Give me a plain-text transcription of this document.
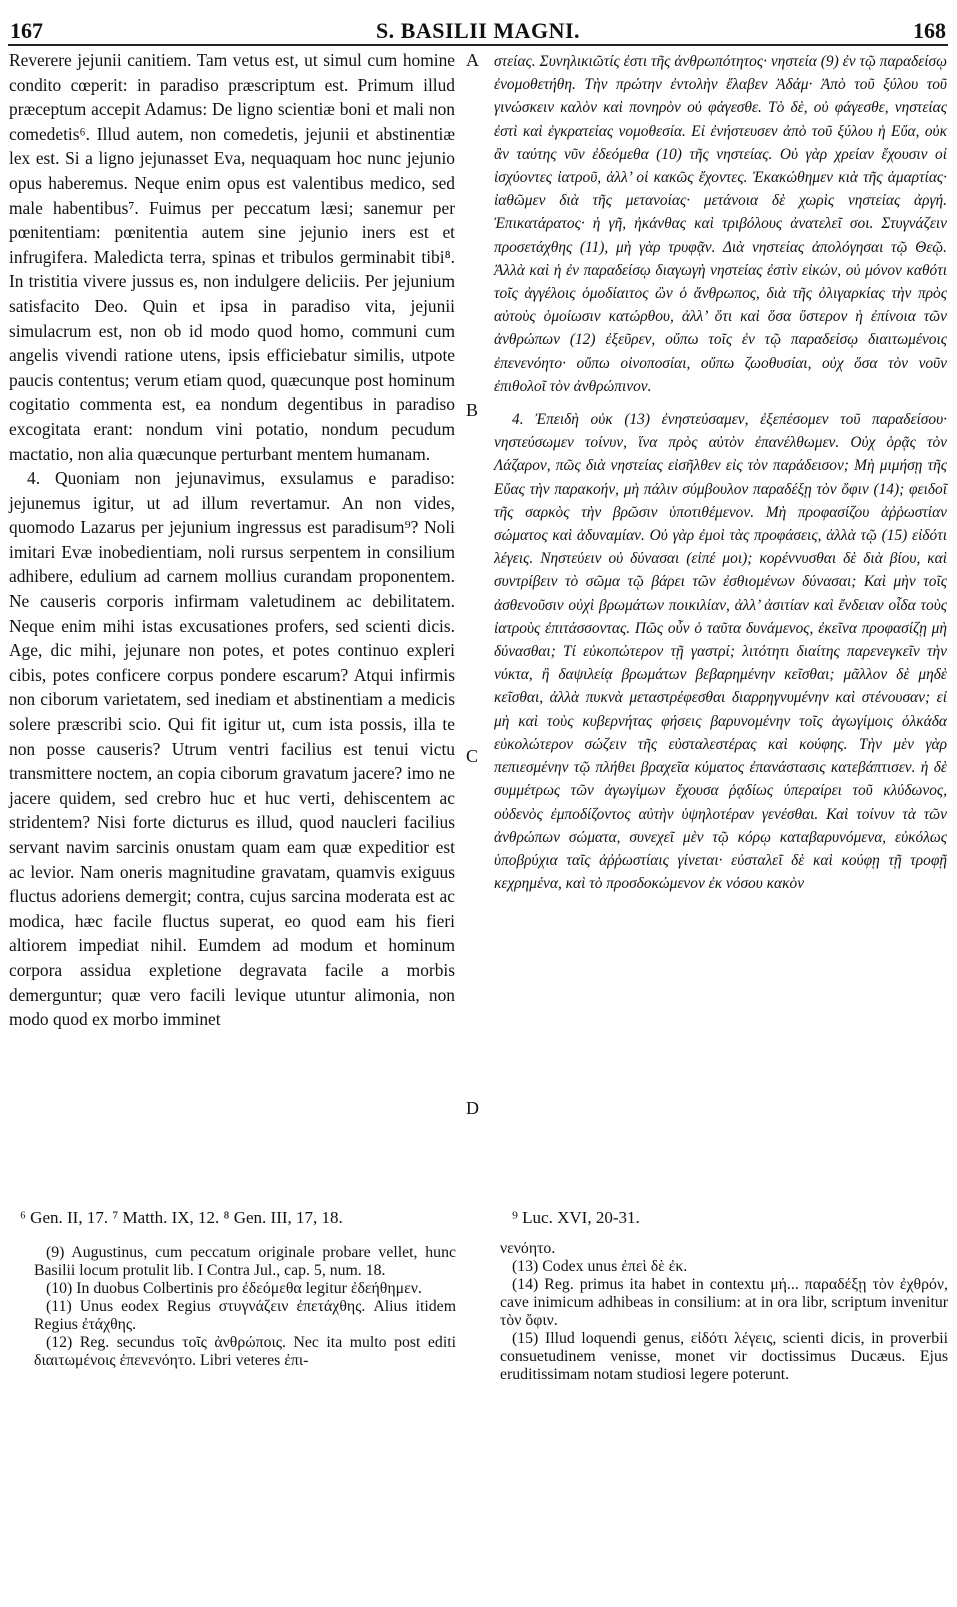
167	S. BASILII MAGNI.	168

Reverere jejunii canitiem. Tam vetus est, ut simul cum homine condito cœperit: in paradiso præscriptum est. Primum illud præceptum accepit Adamus: De ligno scientiæ boni et mali non comedetis⁶. Illud autem, non comedetis, jejunii et abstinentiæ lex est. Si a ligno jejunasset Eva, nequaquam hoc nunc jejunio opus haberemus. Neque enim opus est valentibus medico, sed male habentibus⁷. Fuimus per peccatum læsi; sanemur per pœnitentiam: pœnitentia autem sine jejunio iners est et infrugifera. Maledicta terra, spinas et tribulos germinabit tibi⁸. In tristitia vivere jussus es, non indulgere deliciis. Per jejunium satisfacito Deo. Quin et ipsa in paradiso vita, jejunii simulacrum est, non ob id modo quod homo, communi cum angelis vivendi ratione utens, ipsis efficiebatur similis, utpote paucis contentus; verum etiam quod, quæcunque post hominum cogitatio commenta est, ea nondum degentibus in paradiso excogitata erant: nondum vini potatio, nondum pecudum mactatio, non alia quæcunque perturbant mentem humanam.

4. Quoniam non jejunavimus, exsulamus e paradiso: jejunemus igitur, ut ad illum revertamur. An non vides, quomodo Lazarus per jejunium ingressus est paradisum⁹? Noli imitari Evæ inobedientiam, noli rursus serpentem in consilium adhibere, edulium ad carnem mollius curandam proponentem. Ne causeris corporis infirmam valetudinem ac debilitatem. Neque enim mihi istas excusationes profers, sed scienti dicis. Age, dic mihi, jejunare non potes, et potes continuo expleri cibis, potes conficere corpus pondere escarum? Atqui infirmis non ciborum varietatem, sed inediam et abstinentiam a medicis solere præscribi scio. Qui fit igitur ut, cum ista possis, illa te non posse causeris? Utrum ventri facilius est tenui victu transmittere noctem, an copia ciborum gravatum jacere? imo ne jacere quidem, sed crebro huc et huc verti, dehiscentem ac stridentem? Nisi forte dicturus es illud, quod naucleri facilius servant navim sarcinis onustam quam eam quæ expeditior est ac levior. Nam oneris magnitudine gravatam, quamvis exiguus fluctus adoriens demergit; contra, cujus sarcina moderata est ac modica, hæc facile fluctus superat, eo quod eam his fieri altiorem impediat nihil. Eumdem ad modum et hominum corpora assidua expletione degravata facile a morbis demerguntur; quæ vero facili levique utuntur alimonia, non modo quod ex morbo imminet

A
B
C
D

στείας. Συνηλικιῶτίς ἐστι τῆς ἀνθρωπότητος· νηστεία (9) ἐν τῷ παραδείσῳ ἐνομοθετήθη. Τὴν πρώτην ἐντολὴν ἔλαβεν Ἀδάμ· Ἀπὸ τοῦ ξύλου τοῦ γινώσκειν καλὸν καὶ πονηρὸν οὐ φάγεσθε. Τὸ δὲ, οὐ φάγεσθε, νηστείας ἐστὶ καὶ ἐγκρατείας νομοθεσία. Εἰ ἐνήστευσεν ἀπὸ τοῦ ξύλου ἡ Εὔα, οὐκ ἂν ταύτης νῦν ἐδεόμεθα (10) τῆς νηστείας. Οὐ γὰρ χρείαν ἔχουσιν οἱ ἰσχύοντες ἰατροῦ, ἀλλ’ οἱ κακῶς ἔχοντες. Ἐκακώθημεν κιὰ τῆς ἁμαρτίας· ἰαθῶμεν διὰ τῆς μετανοίας· μετάνοια δὲ χωρὶς νηστείας ἀργή. Ἐπικατάρατος· ἡ γῆ, ἠκάνθας καὶ τριβόλους ἀνατελεῖ σοι. Στυγνάζειν προσετάχθης (11), μὴ γὰρ τρυφᾷν. Διὰ νηστείας ἀπολόγησαι τῷ Θεῷ. Ἀλλὰ καὶ ἡ ἐν παραδείσῳ διαγωγὴ νηστείας ἐστὶν εἰκών, οὐ μόνον καθότι τοῖς ἀγγέλοις ὁμοδίαιτος ὢν ὁ ἄνθρωπος, διὰ τῆς ὀλιγαρκίας τὴν πρὸς αὐτοὺς ὁμοίωσιν κατώρθου, ἀλλ’ ὅτι καὶ ὅσα ὕστερον ἡ ἐπίνοια τῶν ἀνθρώπων (12) ἐξεῦρεν, οὔπω τοῖς ἐν τῷ παραδείσῳ διαιτωμένοις ἐπενενόητο· οὔπω οἰνοποσίαι, οὔπω ζωοθυσίαι, οὐχ ὅσα τὸν νοῦν ἐπιθολοῖ τὸν ἀνθρώπινον.

4. Ἐπειδὴ οὐκ (13) ἐνηστεύσαμεν, ἐξεπέσομεν τοῦ παραδείσου· νηστεύσωμεν τοίνυν, ἵνα πρὸς αὐτὸν ἐπανέλθωμεν. Οὐχ ὁρᾷς τὸν Λάζαρον, πῶς διὰ νηστείας εἰσῆλθεν εἰς τὸν παράδεισον; Μὴ μιμήσῃ τῆς Εὔας τὴν παρακοήν, μὴ πάλιν σύμβουλον παραδέξῃ τὸν ὄφιν (14); φειδοῖ τῆς σαρκὸς τὴν βρῶσιν ὑποτιθέμενον. Μὴ προφασίζου ἀῤῥωστίαν σώματος καὶ ἀδυναμίαν. Οὐ γὰρ ἐμοὶ τὰς προφάσεις, ἀλλὰ τῷ (15) εἰδότι λέγεις. Νηστεύειν οὐ δύνασαι (εἰπέ μοι); κορέννυσθαι δὲ διὰ βίου, καὶ συντρίβειν τὸ σῶμα τῷ βάρει τῶν ἐσθιομένων δύνασαι; Καὶ μὴν τοῖς ἀσθενοῦσιν οὐχὶ βρωμάτων ποικιλίαν, ἀλλ’ ἀσιτίαν καὶ ἔνδειαν οἶδα τοὺς ἰατροὺς ἐπιτάσσοντας. Πῶς οὖν ὁ ταῦτα δυνάμενος, ἐκεῖνα προφασίζῃ μὴ δύνασθαι; Τί εὐκοπώτερον τῇ γαστρί; λιτότητι διαίτης παρενεγκεῖν τὴν νύκτα, ἢ δαψιλείᾳ βρωμάτων βεβαρημένην κεῖσθαι; μᾶλλον δὲ μηδὲ κεῖσθαι, ἀλλὰ πυκνὰ μεταστρέφεσθαι διαρρηγνυμένην καὶ στένουσαν; εἰ μὴ καὶ τοὺς κυβερνήτας φήσεις βαρυνομένην τοῖς ἀγωγίμοις ὁλκάδα εὐκολώτερον σώζειν τῆς εὐσταλεστέρας καὶ κούφης. Τὴν μὲν γὰρ πεπιεσμένην τῷ πλήθει βραχεῖα κύματος ἐπανάστασις κατεβάπτισεν. ἡ δὲ συμμέτρως τῶν ἀγωγίμων ἔχουσα ῥᾳδίως ὑπεραίρει τοῦ κλύδωνος, οὐδενὸς ἐμποδίζοντος αὐτὴν ὑψηλοτέραν γενέσθαι. Καὶ τοίνυν τὰ τῶν ἀνθρώπων σώματα, συνεχεῖ μὲν τῷ κόρῳ καταβαρυνόμενα, εὐκόλως ὑποβρύχια ταῖς ἀῤῥωστίαις γίνεται· εὐσταλεῖ δὲ καὶ κούφῃ τῇ τροφῇ κεχρημένα, καὶ τὸ προσδοκώμενον ἐκ νόσου κακὸν

⁶ Gen. II, 17. ⁷ Matth. IX, 12. ⁸ Gen. III, 17, 18.	⁹ Luc. XVI, 20-31.

(9) Augustinus, cum peccatum originale probare vellet, hunc Basilii locum protulit lib. I Contra Jul., cap. 5, num. 18.

(10) In duobus Colbertinis pro ἐδεόμεθα legitur ἐδεήθημεν.

(11) Unus eodex Regius στυγνάζειν ἐπετάχθης. Alius itidem Regius ἐτάχθης.

(12) Reg. secundus τοῖς ἀνθρώποις. Nec ita multo post editi διαιτωμένοις ἐπενενόητο. Libri veteres ἐπι-

νενόητο.

(13) Codex unus ἐπεὶ δὲ ἐκ.

(14) Reg. primus ita habet in contextu μή... παραδέξῃ τὸν ἐχθρόν, cave inimicum adhibeas in consilium: at in ora libr, scriptum invenitur τὸν ὄφιν.

(15) Illud loquendi genus, εἰδότι λέγεις, scienti dicis, in proverbii consuetudinem venisse, monet vir doctissimus Ducæus. Ejus eruditissimam notam studiosi legere poterunt.
